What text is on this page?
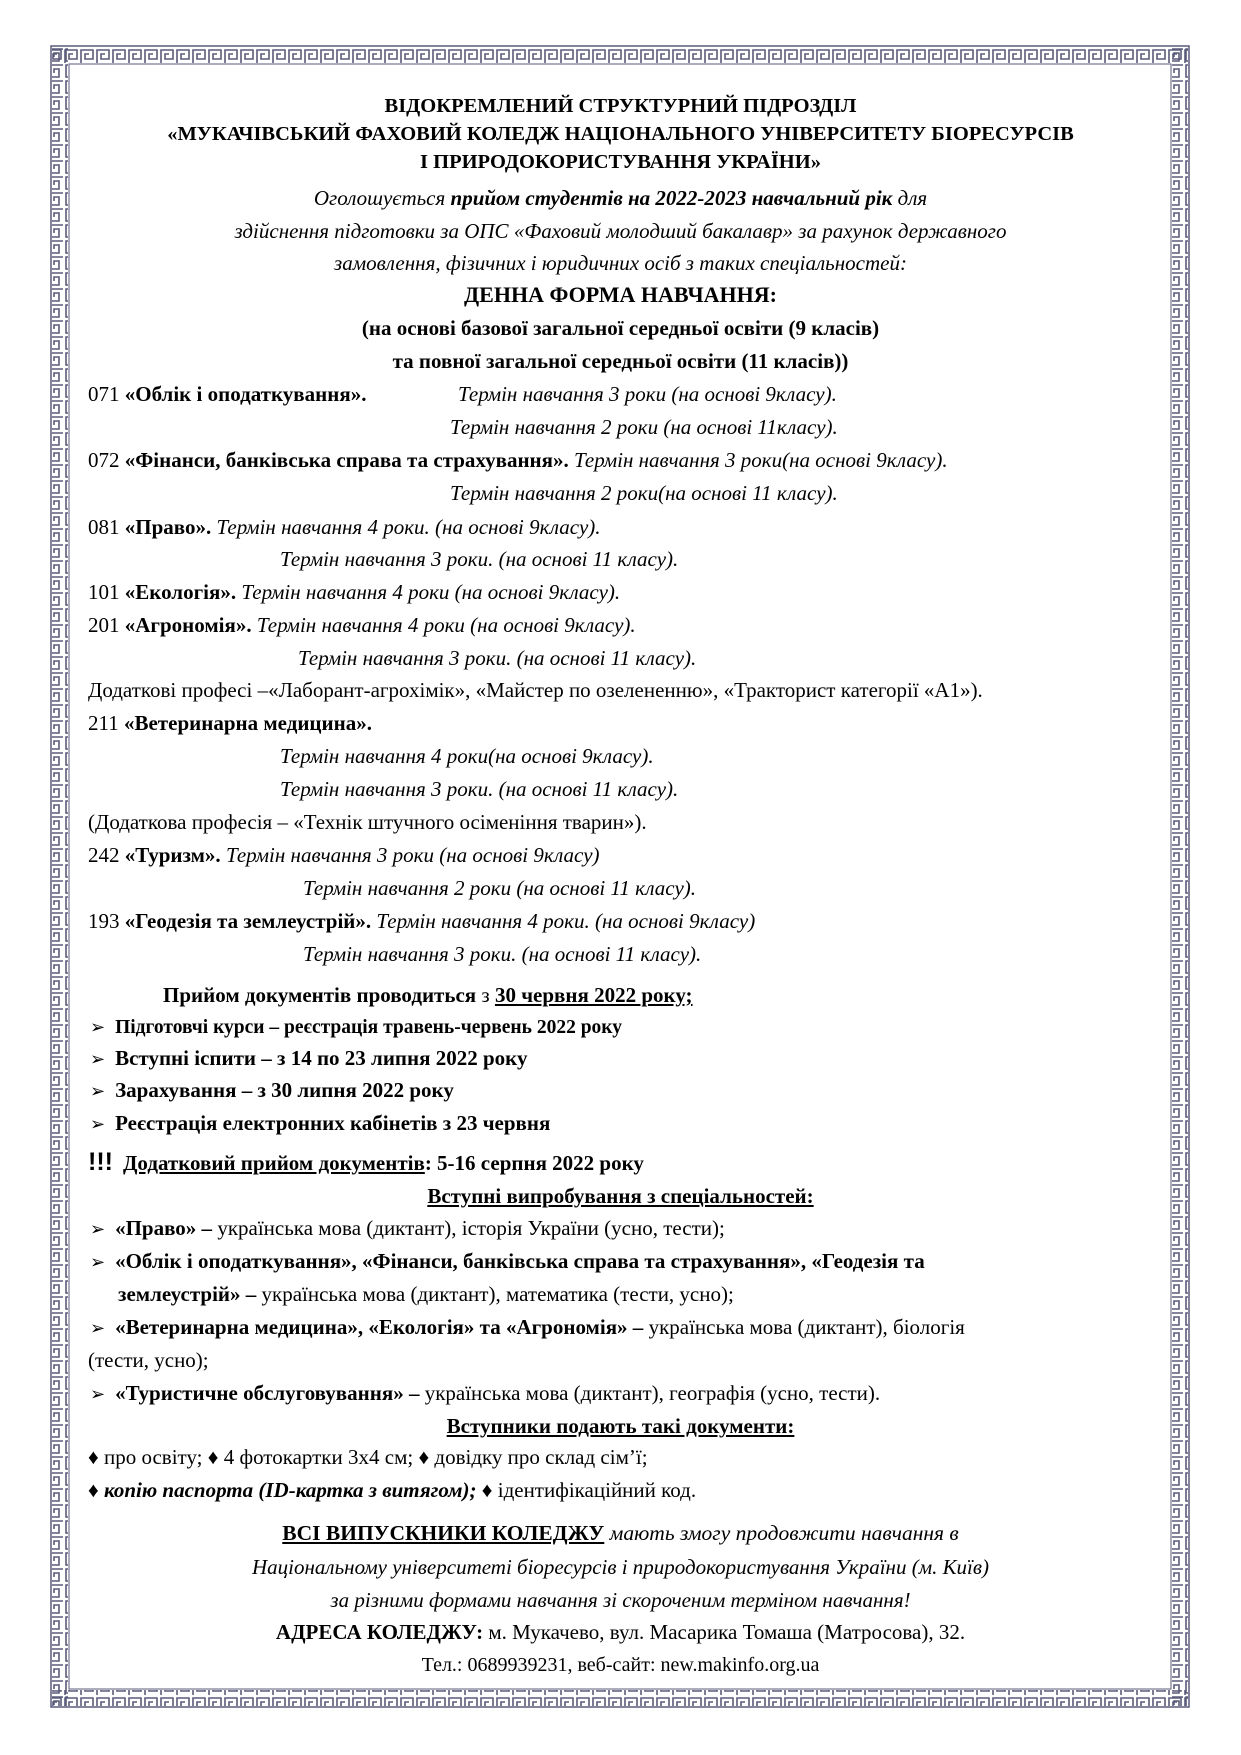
ВІДОКРЕМЛЕНИЙ СТРУКТУРНИЙ ПІДРОЗДІЛ
«МУКАЧІВСЬКИЙ ФАХОВИЙ КОЛЕДЖ НАЦІОНАЛЬНОГО УНІВЕРСИТЕТУ БІОРЕСУРСІВ
І ПРИРОДОКОРИСТУВАННЯ УКРАЇНИ»
Оголошується прийом студентів на 2022-2023 навчальний рік для
здійснення підготовки за ОПС «Фаховий молодший бакалавр» за рахунок державного
замовлення, фізичних і юридичних осіб з таких спеціальностей:
ДЕННА ФОРМА НАВЧАННЯ:
(на основі базової загальної середньої освіти (9 класів)
та повної загальної середньої освіти (11 класів))
071 «Облік і оподаткування».	Термін навчання 3 роки (на основі 9класу).
Термін навчання 2 роки (на основі 11класу).
072 «Фінанси, банківська справа та страхування». Термін навчання 3 роки(на основі 9класу).
Термін навчання 2 роки(на основі 11 класу).
081 «Право». Термін навчання 4 роки. (на основі 9класу).
Термін навчання 3 роки. (на основі 11 класу).
101 «Екологія». Термін навчання 4 роки (на основі 9класу).
201 «Агрономія». Термін навчання 4 роки (на основі 9класу).
Термін навчання 3 роки. (на основі 11 класу).
Додаткові професі –«Лаборант-агрохімік», «Майстер по озелененню», «Тракторист категорії «А1»).
211 «Ветеринарна медицина».
Термін навчання 4 роки(на основі 9класу).
Термін навчання 3 роки. (на основі 11 класу).
(Додаткова професія – «Технік штучного осіменіння тварин»).
242 «Туризм». Термін навчання 3 роки (на основі 9класу)
Термін навчання 2 роки (на основі 11 класу).
193 «Геодезія та землеустрій». Термін навчання 4 роки. (на основі 9класу)
Термін навчання 3 роки. (на основі 11 класу).
Прийом документів проводиться з 30 червня 2022 року;
➢ Підготовчі курси – реєстрація травень-червень 2022 року
➢ Вступні іспити – з 14 по 23 липня 2022 року
➢ Зарахування – з 30 липня 2022 року
➢ Реєстрація електронних кабінетів з 23 червня
!!! Додатковий прийом документів: 5-16 серпня 2022 року
Вступні випробування з спеціальностей:
➢ «Право» – українська мова (диктант), історія України (усно, тести);
➢ «Облік і оподаткування», «Фінанси, банківська справа та страхування», «Геодезія та
землеустрій» – українська мова (диктант), математика (тести, усно);
➢ «Ветеринарна медицина», «Екологія» та «Агрономія» – українська мова (диктант), біологія
(тести, усно);
➢ «Туристичне обслуговування» – українська мова (диктант), географія (усно, тести).
Вступники подають такі документи:
♦ про освіту; ♦ 4 фотокартки 3х4 см; ♦ довідку про склад сім’ї;
♦ копію паспорта (ID-картка з витягом); ♦ ідентифікаційний код.
ВСІ ВИПУСКНИКИ КОЛЕДЖУ мають змогу продовжити навчання в
Національному університеті біоресурсів і природокористування України (м. Київ)
за різними формами навчання зі скороченим терміном навчання!
АДРЕСА КОЛЕДЖУ: м. Мукачево, вул. Масарика Томаша (Матросова), 32.
Тел.: 0689939231, веб-сайт: new.makinfo.org.ua
